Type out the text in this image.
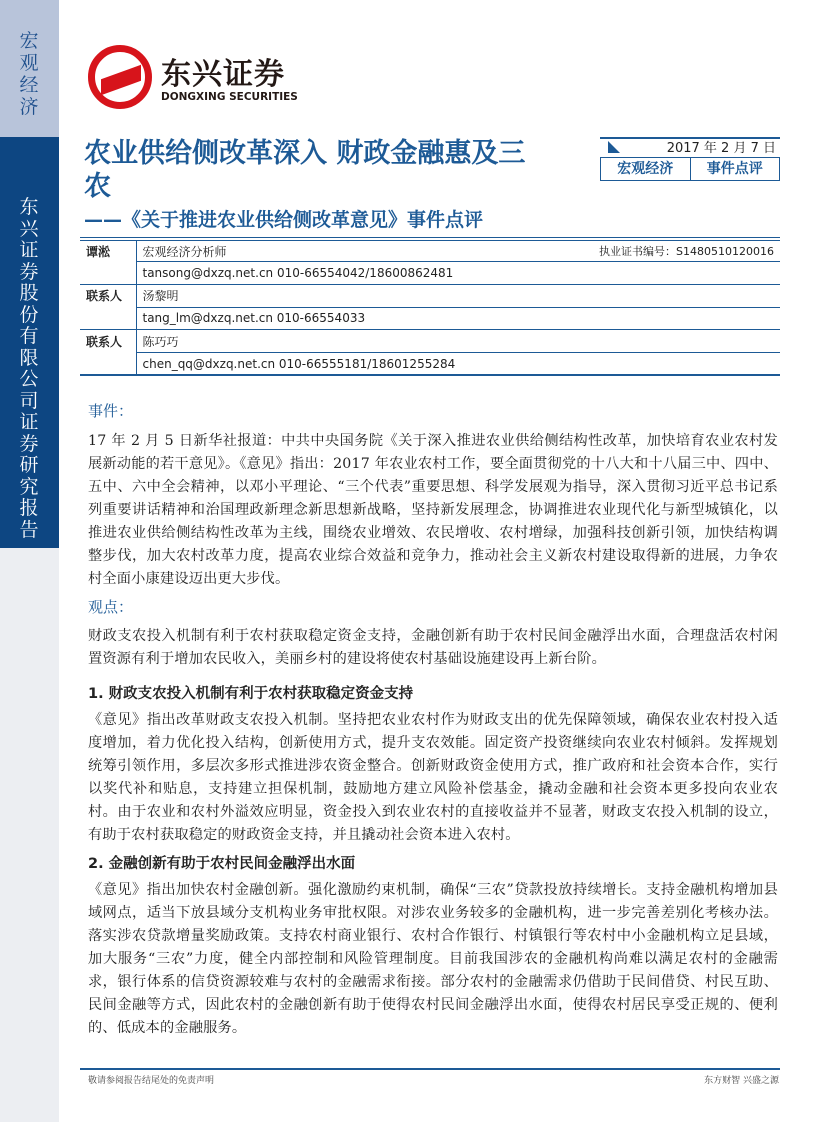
宏观经济
东兴证券股份有限公司证券研究报告
东兴证券
DONGXING SECURITIES
农业供给侧改革深入 财政金融惠及三农
——《关于推进农业供给侧改革意见》事件点评
2017 年 2 月 7 日
宏观经济	事件点评
谭淞	宏观经济分析师 执业证书编号：S1480510120016

	tansong@dxzq.net.cn 010-66554042/18600862481
联系人	汤黎明
	tang_lm@dxzq.net.cn 010-66554033
联系人	陈巧巧
	chen_qq@dxzq.net.cn 010-66555181/18601255284
事件：
17 年 2 月 5 日新华社报道：中共中央国务院《关于深入推进农业供给侧结构性改革，加快培育农业农村发展新动能的若干意见》。《意见》指出：2017 年农业农村工作，要全面贯彻党的十八大和十八届三中、四中、五中、六中全会精神，以邓小平理论、“三个代表”重要思想、科学发展观为指导，深入贯彻习近平总书记系列重要讲话精神和治国理政新理念新思想新战略，坚持新发展理念，协调推进农业现代化与新型城镇化，以推进农业供给侧结构性改革为主线，围绕农业增效、农民增收、农村增绿，加强科技创新引领，加快结构调整步伐，加大农村改革力度，提高农业综合效益和竞争力，推动社会主义新农村建设取得新的进展，力争农村全面小康建设迈出更大步伐。
观点：
财政支农投入机制有利于农村获取稳定资金支持，金融创新有助于农村民间金融浮出水面，合理盘活农村闲置资源有利于增加农民收入，美丽乡村的建设将使农村基础设施建设再上新台阶。
1. 财政支农投入机制有利于农村获取稳定资金支持
《意见》指出改革财政支农投入机制。坚持把农业农村作为财政支出的优先保障领域，确保农业农村投入适度增加，着力优化投入结构，创新使用方式，提升支农效能。固定资产投资继续向农业农村倾斜。发挥规划统筹引领作用，多层次多形式推进涉农资金整合。创新财政资金使用方式，推广政府和社会资本合作，实行以奖代补和贴息，支持建立担保机制，鼓励地方建立风险补偿基金，撬动金融和社会资本更多投向农业农村。由于农业和农村外溢效应明显，资金投入到农业农村的直接收益并不显著，财政支农投入机制的设立，有助于农村获取稳定的财政资金支持，并且撬动社会资本进入农村。
2. 金融创新有助于农村民间金融浮出水面
《意见》指出加快农村金融创新。强化激励约束机制，确保“三农”贷款投放持续增长。支持金融机构增加县域网点，适当下放县域分支机构业务审批权限。对涉农业务较多的金融机构，进一步完善差别化考核办法。落实涉农贷款增量奖励政策。支持农村商业银行、农村合作银行、村镇银行等农村中小金融机构立足县域，加大服务“三农”力度，健全内部控制和风险管理制度。目前我国涉农的金融机构尚难以满足农村的金融需求，银行体系的信贷资源较难与农村的金融需求衔接。部分农村的金融需求仍借助于民间借贷、村民互助、民间金融等方式，因此农村的金融创新有助于使得农村民间金融浮出水面，使得农村居民享受正规的、便利的、低成本的金融服务。
敬请参阅报告结尾处的免责声明	东方财智 兴盛之源
